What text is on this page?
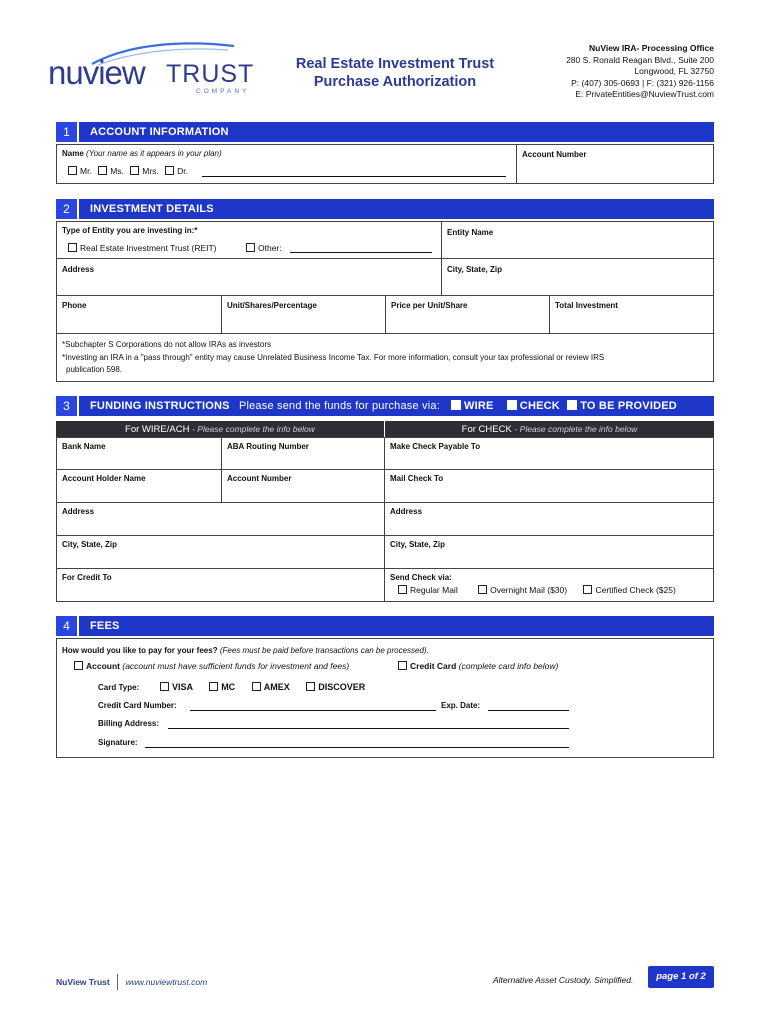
nuview TRUST
COMPANY
Real Estate Investment Trust
Purchase Authorization
NuView IRA- Processing Office
280 S. Ronald Reagan Blvd., Suite 200
Longwood, FL 32750
P: (407) 305-0693 | F: (321) 926-1156
E: PrivateEntities@NuviewTrust.com
1	ACCOUNT INFORMATION
Name (Your name as it appears in your plan)	Account Number
Mr. Ms. Mrs. Dr.
2	INVESTMENT DETAILS
Type of Entity you are investing in:*	Entity Name
Real Estate Investment Trust (REIT)	Other:
Address	City, State, Zip
Phone	Unit/Shares/Percentage	Price per Unit/Share	Total Investment
*Subchapter S Corporations do not allow IRAs as investors
*Investing an IRA in a "pass through" entity may cause Unrelated Business Income Tax. For more information, consult your tax professional or review IRS
publication 598.
3	FUNDING INSTRUCTIONS Please send the funds for purchase via:	WIRE CHECK TO BE PROVIDED
For WIRE/ACH - Please complete the info below	For CHECK - Please complete the info below
Bank Name	ABA Routing Number	Make Check Payable To
Account Holder Name	Account Number	Mail Check To
Address	Address
City, State, Zip	City, State, Zip
For Credit To	Send Check via:
Regular Mail	Overnight Mail ($30)	Certified Check ($25)
4	FEES
How would you like to pay for your fees? (Fees must be paid before transactions can be processed).
Account (account must have sufficient funds for investment and fees)	Credit Card (complete card info below)
Card Type:	VISA	MC	AMEX	DISCOVER
Credit Card Number:	Exp. Date:
Billing Address:
Signature:
NuView Trust www.nuviewtrust.com	Alternative Asset Custody. Simplified.	page 1 of 2
